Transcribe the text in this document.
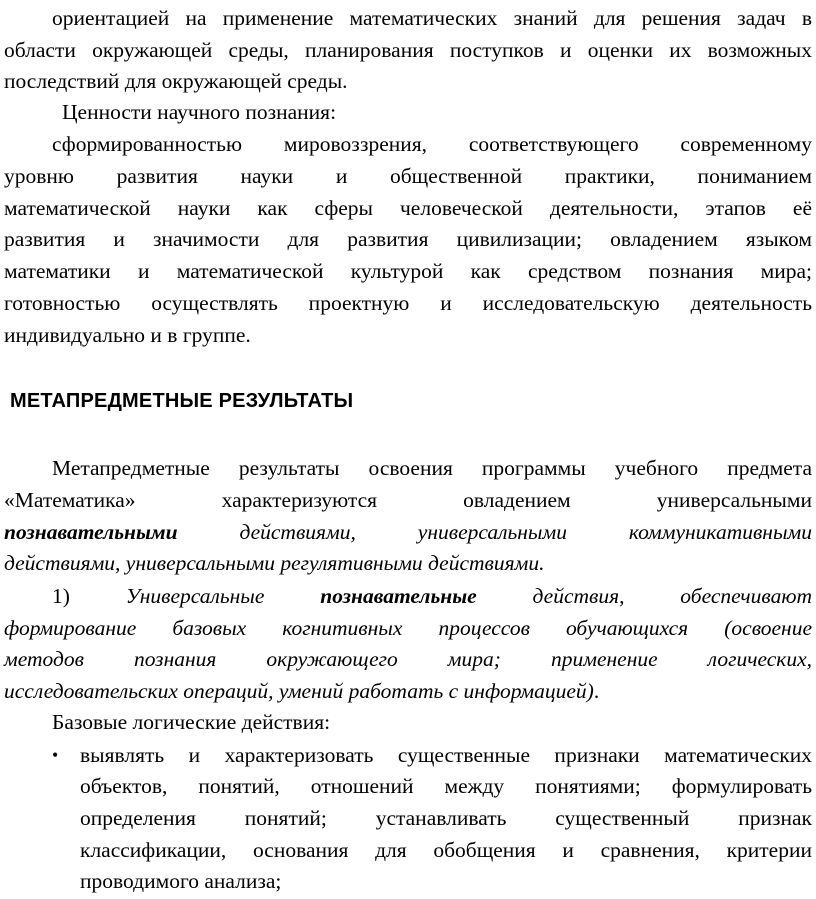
ориентацией на применение математических знаний для решения задач в
области окружающей среды, планирования поступков и оценки их возможных
последствий для окружающей среды.
Ценности научного познания:
сформированностью мировоззрения, соответствующего современному
уровню развития науки и общественной практики, пониманием
математической науки как сферы человеческой деятельности, этапов её
развития и значимости для развития цивилизации; овладением языком
математики и математической культурой как средством познания мира;
готовностью осуществлять проектную и исследовательскую деятельность
индивидуально и в группе.
МЕТАПРЕДМЕТНЫЕ РЕЗУЛЬТАТЫ
Метапредметные результаты освоения программы учебного предмета
«Математика» характеризуются овладением универсальными
познавательными действиями, универсальными коммуникативными
действиями, универсальными регулятивными действиями.
1)	Универсальные познавательные действия, обеспечивают
формирование базовых когнитивных процессов обучающихся (освоение
методов познания окружающего мира; применение логических,
исследовательских операций, умений работать с информацией).
Базовые логические действия:
•	выявлять и характеризовать существенные признаки математических
объектов, понятий, отношений между понятиями; формулировать
определения понятий; устанавливать существенный признак
классификации, основания для обобщения и сравнения, критерии
проводимого анализа;
